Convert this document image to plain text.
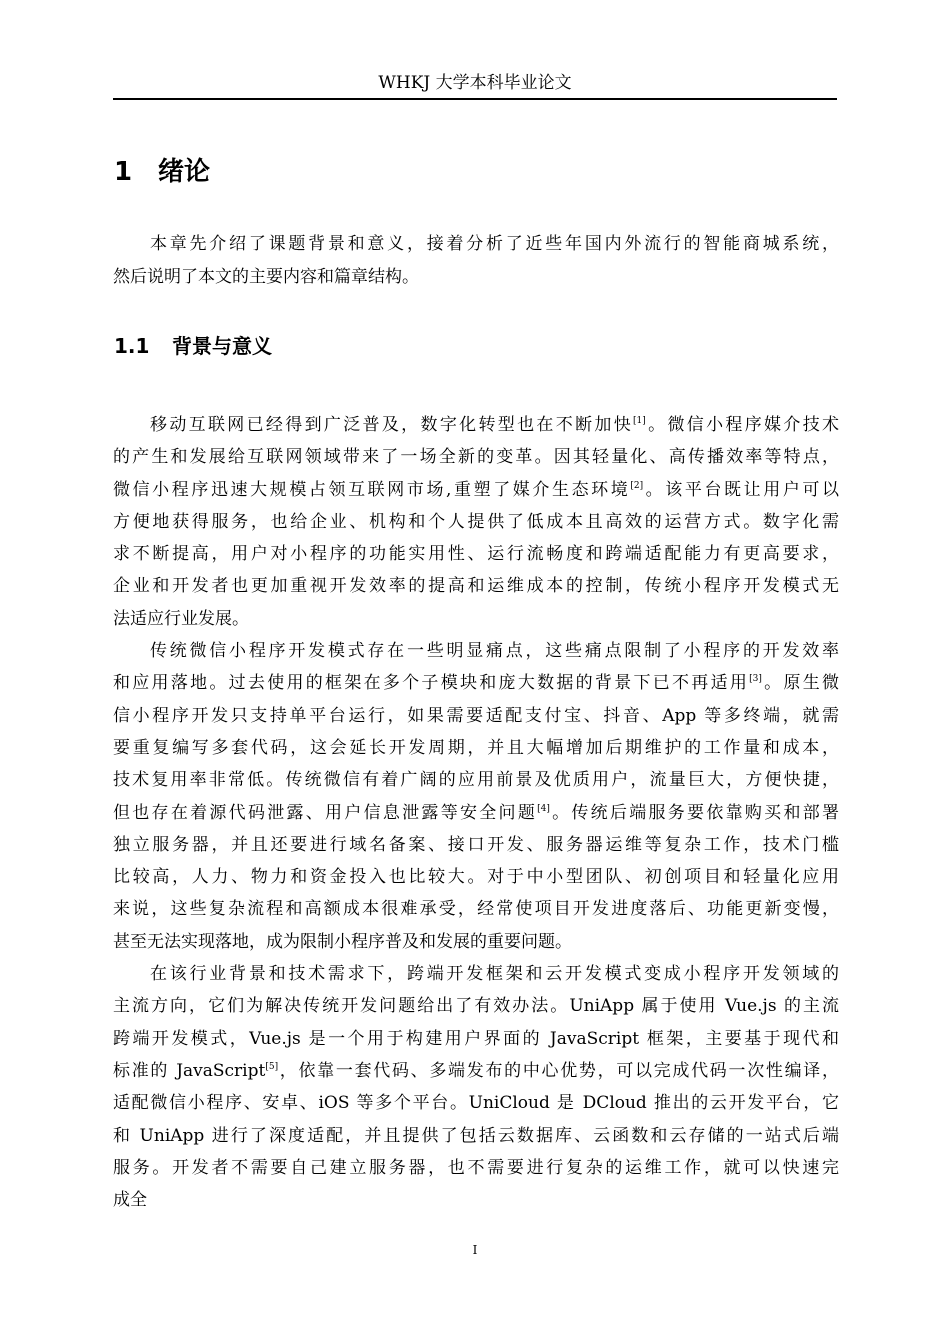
WHKJ 大学本科毕业论文
1 绪论
本章先介绍了课题背景和意义，接着分析了近些年国内外流行的智能商城系统，
然后说明了本文的主要内容和篇章结构。
1.1 背景与意义
移动互联网已经得到广泛普及，数字化转型也在不断加快[1]。微信小程序媒介技术
的产生和发展给互联网领域带来了一场全新的变革。因其轻量化、高传播效率等特点，
微信小程序迅速大规模占领互联网市场,重塑了媒介生态环境[2]。该平台既让用户可以
方便地获得服务，也给企业、机构和个人提供了低成本且高效的运营方式。数字化需
求不断提高，用户对小程序的功能实用性、运行流畅度和跨端适配能力有更高要求，
企业和开发者也更加重视开发效率的提高和运维成本的控制，传统小程序开发模式无
法适应行业发展。
传统微信小程序开发模式存在一些明显痛点，这些痛点限制了小程序的开发效率
和应用落地。过去使用的框架在多个子模块和庞大数据的背景下已不再适用[3]。原生微
信小程序开发只支持单平台运行，如果需要适配支付宝、抖音、App 等多终端，就需
要重复编写多套代码，这会延长开发周期，并且大幅增加后期维护的工作量和成本，
技术复用率非常低。传统微信有着广阔的应用前景及优质用户，流量巨大，方便快捷，
但也存在着源代码泄露、用户信息泄露等安全问题[4]。传统后端服务要依靠购买和部署
独立服务器，并且还要进行域名备案、接口开发、服务器运维等复杂工作，技术门槛
比较高，人力、物力和资金投入也比较大。对于中小型团队、初创项目和轻量化应用
来说，这些复杂流程和高额成本很难承受，经常使项目开发进度落后、功能更新变慢，
甚至无法实现落地，成为限制小程序普及和发展的重要问题。
在该行业背景和技术需求下，跨端开发框架和云开发模式变成小程序开发领域的
主流方向，它们为解决传统开发问题给出了有效办法。UniApp 属于使用 Vue.js 的主流
跨端开发模式，Vue.js 是一个用于构建用户界面的 JavaScript 框架，主要基于现代和
标准的 JavaScript[5]，依靠一套代码、多端发布的中心优势，可以完成代码一次性编译，
适配微信小程序、安卓、iOS 等多个平台。UniCloud 是 DCloud 推出的云开发平台，它
和 UniApp 进行了深度适配，并且提供了包括云数据库、云函数和云存储的一站式后端
服务。开发者不需要自己建立服务器，也不需要进行复杂的运维工作，就可以快速完
成全
I
